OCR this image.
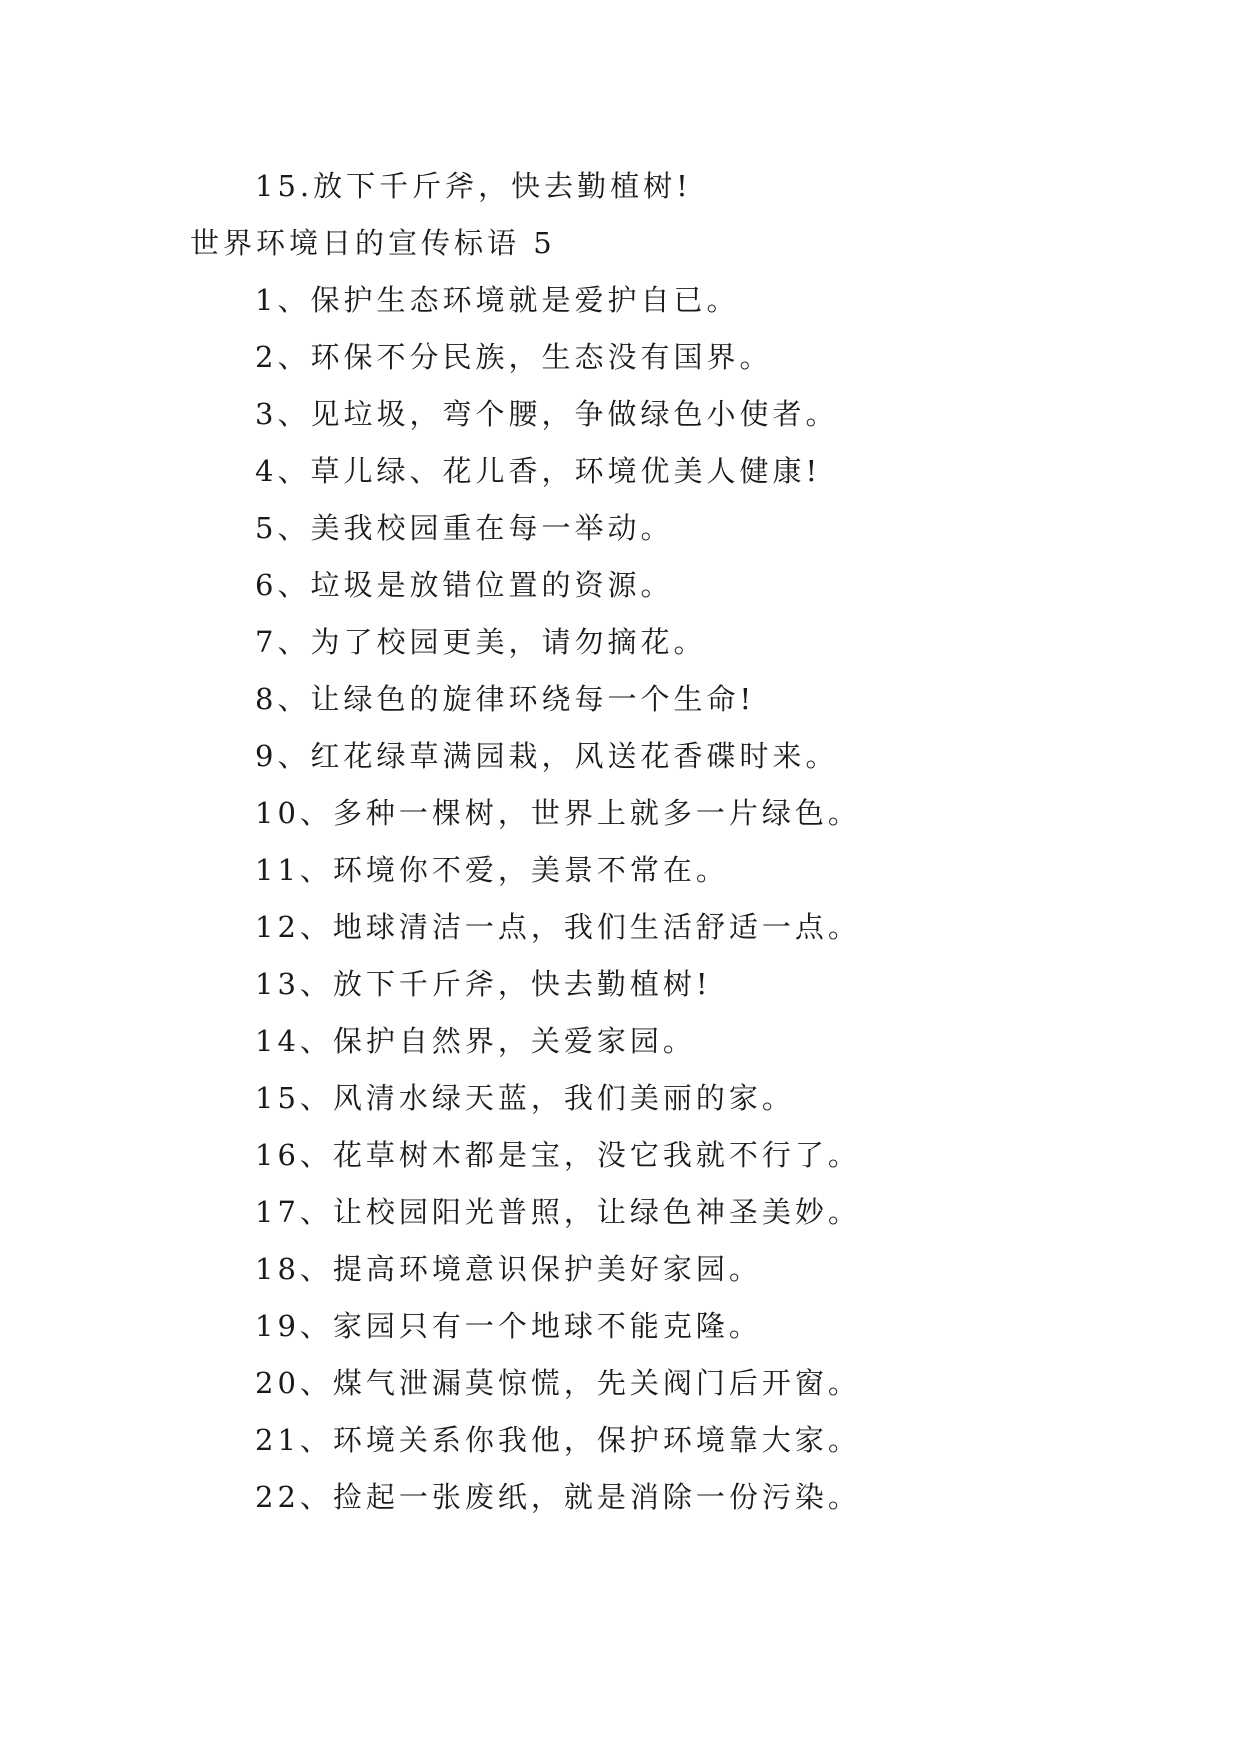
15.放下千斤斧，快去勤植树!
世界环境日的宣传标语 5
1、保护生态环境就是爱护自已。
2、环保不分民族，生态没有国界。
3、见垃圾，弯个腰，争做绿色小使者。
4、草儿绿、花儿香，环境优美人健康!
5、美我校园重在每一举动。
6、垃圾是放错位置的资源。
7、为了校园更美，请勿摘花。
8、让绿色的旋律环绕每一个生命!
9、红花绿草满园栽，风送花香碟时来。
10、多种一棵树，世界上就多一片绿色。
11、环境你不爱，美景不常在。
12、地球清洁一点，我们生活舒适一点。
13、放下千斤斧，快去勤植树!
14、保护自然界，关爱家园。
15、风清水绿天蓝，我们美丽的家。
16、花草树木都是宝，没它我就不行了。
17、让校园阳光普照，让绿色神圣美妙。
18、提高环境意识保护美好家园。
19、家园只有一个地球不能克隆。
20、煤气泄漏莫惊慌，先关阀门后开窗。
21、环境关系你我他，保护环境靠大家。
22、捡起一张废纸，就是消除一份污染。
